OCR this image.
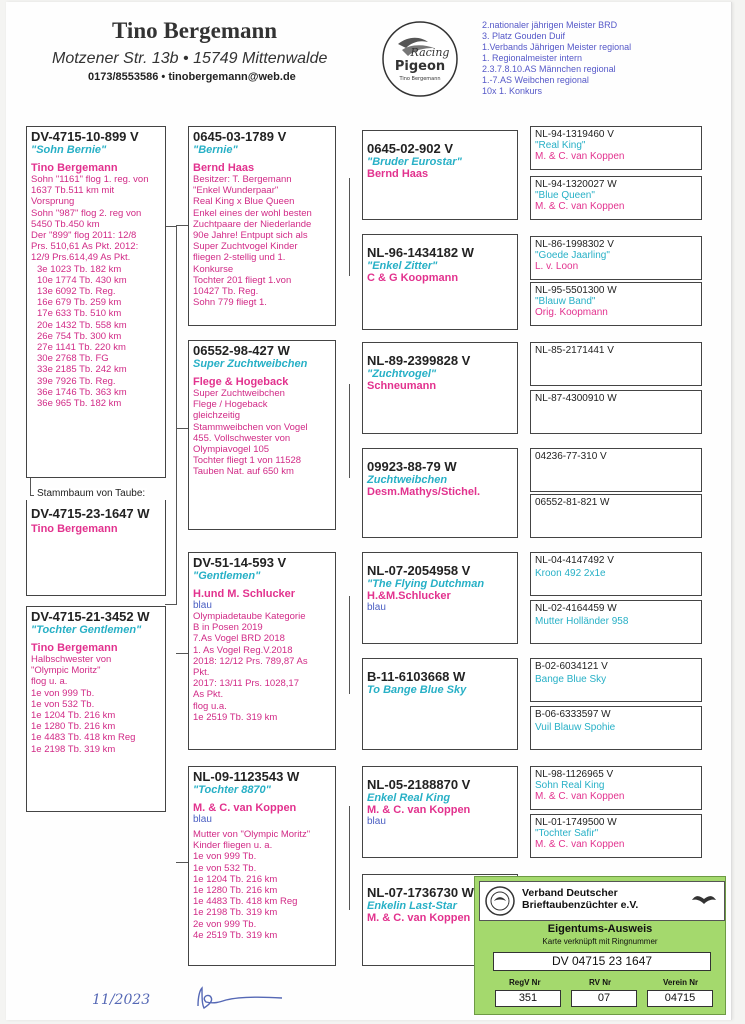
Tino Bergemann
Motzener Str. 13b • 15749 Mittenwalde
0173/8553586 • tinobergemann@web.de
Racing
Pigeon
Tino Bergemann
2.nationaler jährigen Meister BRD
3. Platz Gouden Duif
1.Verbands Jährigen Meister regional
1. Regionalmeister intern
2.3.7.8.10.AS Männchen regional
1.-7.AS Weibchen regional
10x 1. Konkurs
DV-4715-10-899 V
"Sohn Bernie"
Tino Bergemann
Sohn "1161" flog 1. reg. von
1637 Tb.511 km mit
Vorsprung
Sohn "987" flog 2. reg von
5450 Tb.450 km
Der "899" flog 2011: 12/8
Prs. 510,61 As Pkt. 2012:
12/9 Prs.614,49 As Pkt.
3e 1023 Tb. 182 km
10e 1774 Tb. 430 km
13e 6092 Tb. Reg.
16e 679 Tb. 259 km
17e 633 Tb. 510 km
20e 1432 Tb. 558 km
26e 754 Tb. 300 km
27e 1141 Tb. 220 km
30e 2768 Tb. FG
33e 2185 Tb. 242 km
39e 7926 Tb. Reg.
36e 1746 Tb. 363 km
36e 965 Tb. 182 km
Stammbaum von Taube:
DV-4715-23-1647 W
Tino Bergemann
DV-4715-21-3452 W
"Tochter Gentlemen"
Tino Bergemann
Halbschwester von
"Olympic Moritz"
flog u. a.
1e von 999 Tb.
1e von 532 Tb.
1e 1204 Tb. 216 km
1e 1280 Tb. 216 km
1e 4483 Tb. 418 km Reg
1e 2198 Tb. 319 km
0645-03-1789 V
"Bernie"
Bernd Haas
Besitzer: T. Bergemann
"Enkel Wunderpaar"
Real King x Blue Queen
Enkel eines der wohl besten
Zuchtpaare der Niederlande
90e Jahre! Entpupt sich als
Super Zuchtvogel Kinder
fliegen 2-stellig und 1.
Konkurse
Tochter 201 fliegt 1.von
10427 Tb. Reg.
Sohn 779 fliegt 1.
06552-98-427 W
Super Zuchtweibchen
Flege & Hogeback
Super Zuchtweibchen
Flege / Hogeback
gleichzeitig
Stammweibchen von Vogel
455. Vollschwester von
Olympiavogel 105
Tochter fliegt 1 von 11528
Tauben Nat. auf 650 km
DV-51-14-593 V
"Gentlemen"
H.und M. Schlucker
blau
Olympiadetaube Kategorie
B in Posen 2019
7.As Vogel BRD 2018
1. As Vogel Reg.V.2018
2018: 12/12 Prs. 789,87 As
Pkt.
2017: 13/11 Prs. 1028,17
As Pkt.
flog u.a.
1e 2519 Tb. 319 km
NL-09-1123543 W
"Tochter 8870"
M. & C. van Koppen
blau
Mutter von "Olympic Moritz"
Kinder fliegen u. a.
1e von 999 Tb.
1e von 532 Tb.
1e 1204 Tb. 216 km
1e 1280 Tb. 216 km
1e 4483 Tb. 418 km Reg
1e 2198 Tb. 319 km
2e von 999 Tb.
4e 2519 Tb. 319 km
0645-02-902 V
"Bruder Eurostar"
Bernd Haas
NL-96-1434182 W
"Enkel Zitter"
C & G Koopmann
NL-89-2399828 V
"Zuchtvogel"
Schneumann
09923-88-79 W
Zuchtweibchen
Desm.Mathys/Stichel.
NL-07-2054958 V
"The Flying Dutchman
H.&M.Schlucker
blau
B-11-6103668 W
To Bange Blue Sky
NL-05-2188870 V
Enkel Real King
M. & C. van Koppen
blau
NL-07-1736730 W
Enkelin Last-Star
M. & C. van Koppen
NL-94-1319460 V
"Real King"
M. & C. van Koppen
NL-94-1320027 W
"Blue Queen"
M. & C. van Koppen
NL-86-1998302 V
"Goede Jaarling"
L. v. Loon
NL-95-5501300 W
"Blauw Band"
Orig. Koopmann
NL-85-2171441 V
NL-87-4300910 W
04236-77-310 V
06552-81-821 W
NL-04-4147492 V
Kroon 492 2x1e
NL-02-4164459 W
Mutter Holländer 958
B-02-6034121 V
Bange Blue Sky
B-06-6333597 W
Vuil Blauw Spohie
NL-98-1126965 V
Sohn Real King
M. & C. van Koppen
NL-01-1749500 W
"Tochter Safir"
M. & C. van Koppen
Verband Deutscher
Brieftaubenzüchter e.V.
Eigentums-Ausweis
Karte verknüpft mit Ringnummer
DV 04715 23 1647
RegV Nr	RV Nr	Verein Nr
351	07	04715
11/2023
